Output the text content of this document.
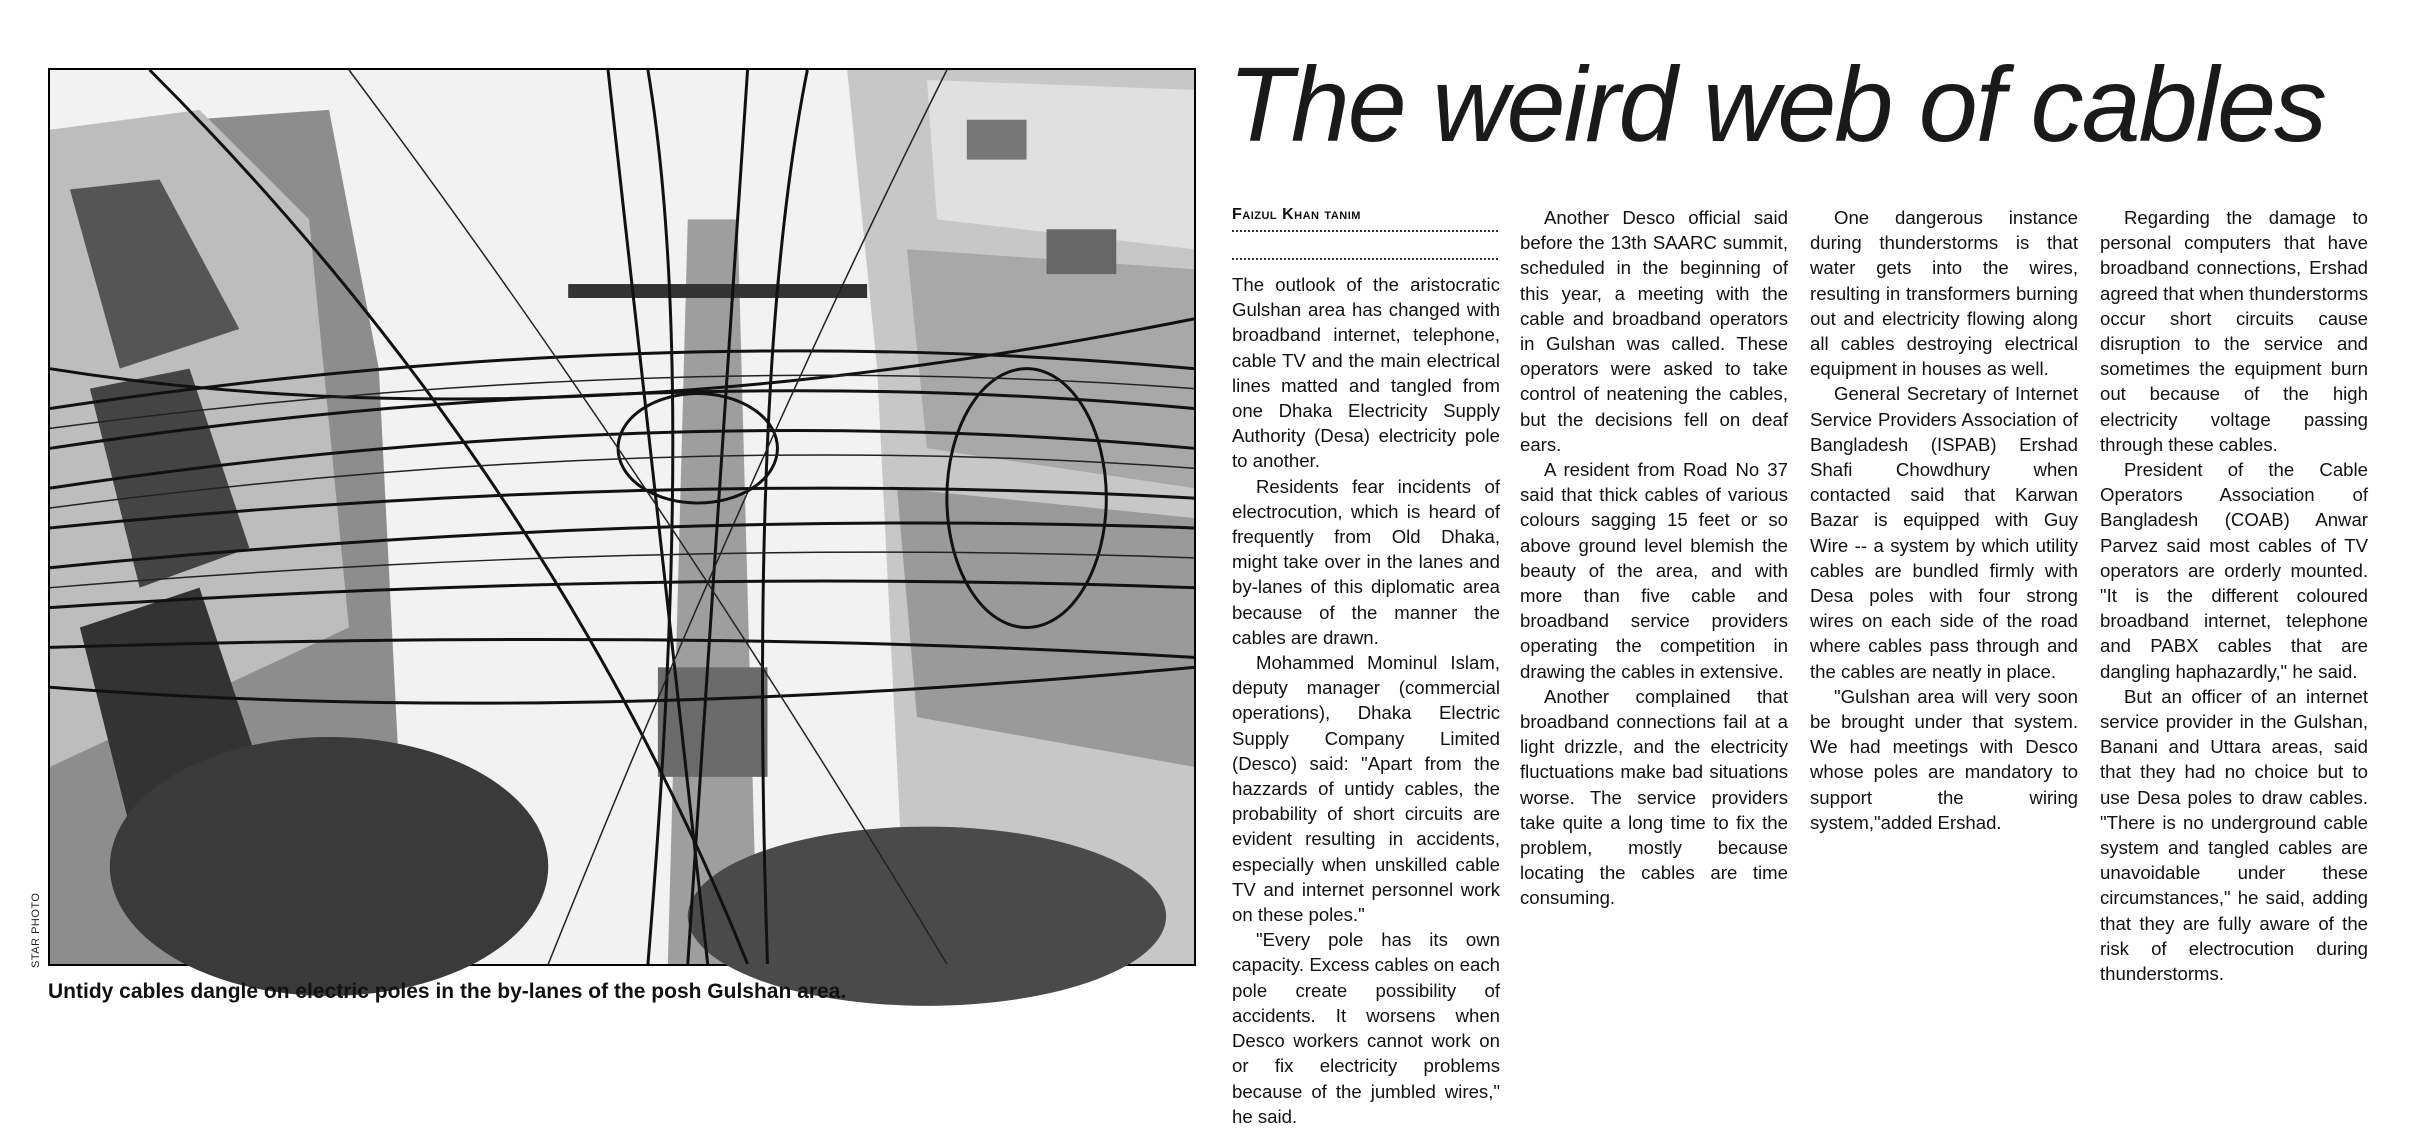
STAR PHOTO
Untidy cables dangle on electric poles in the by-lanes of the posh Gulshan area.
The weird web of cables
Faizul Khan tanim

The outlook of the aristocratic Gulshan area has changed with broadband internet, telephone, cable TV and the main electrical lines matted and tangled from one Dhaka Electricity Supply Authority (Desa) electricity pole to another.

Residents fear incidents of electrocution, which is heard of frequently from Old Dhaka, might take over in the lanes and by-lanes of this diplomatic area because of the manner the cables are drawn.

Mohammed Mominul Islam, deputy manager (commercial operations), Dhaka Electric Supply Company Limited (Desco) said: "Apart from the hazzards of untidy cables, the probability of short circuits are evident resulting in accidents, especially when unskilled cable TV and internet personnel work on these poles."

"Every pole has its own capacity. Excess cables on each pole create possibility of accidents. It worsens when Desco workers cannot work on or fix electricity problems because of the jumbled wires," he said.

Another Desco official said before the 13th SAARC summit, scheduled in the beginning of this year, a meeting with the cable and broadband operators in Gulshan was called. These operators were asked to take control of neatening the cables, but the decisions fell on deaf ears.

A resident from Road No 37 said that thick cables of various colours sagging 15 feet or so above ground level blemish the beauty of the area, and with more than five cable and broadband service providers operating the competition in drawing the cables in extensive.

Another complained that broadband connections fail at a light drizzle, and the electricity fluctuations make bad situations worse. The service providers take quite a long time to fix the problem, mostly because locating the cables are time consuming.

One dangerous instance during thunderstorms is that water gets into the wires, resulting in transformers burning out and electricity flowing along all cables destroying electrical equipment in houses as well.

General Secretary of Internet Service Providers Association of Bangladesh (ISPAB) Ershad Shafi Chowdhury when contacted said that Karwan Bazar is equipped with Guy Wire -- a system by which utility cables are bundled firmly with Desa poles with four strong wires on each side of the road where cables pass through and the cables are neatly in place.

"Gulshan area will very soon be brought under that system. We had meetings with Desco whose poles are mandatory to support the wiring system,"added Ershad.

Regarding the damage to personal computers that have broadband connections, Ershad agreed that when thunderstorms occur short circuits cause disruption to the service and sometimes the equipment burn out because of the high electricity voltage passing through these cables.

President of the Cable Operators Association of Bangladesh (COAB) Anwar Parvez said most cables of TV operators are orderly mounted. "It is the different coloured broadband internet, telephone and PABX cables that are dangling haphazardly," he said.

But an officer of an internet service provider in the Gulshan, Banani and Uttara areas, said that they had no choice but to use Desa poles to draw cables. "There is no underground cable system and tangled cables are unavoidable under these circumstances," he said, adding that they are fully aware of the risk of electrocution during thunderstorms.
